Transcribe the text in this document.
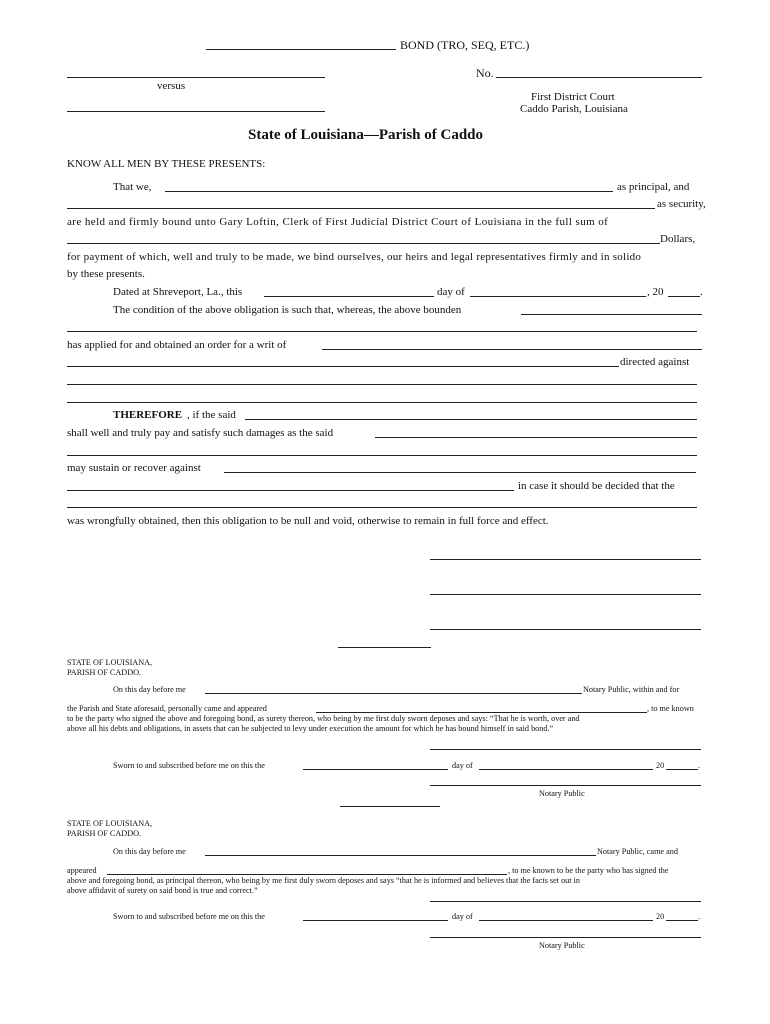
BOND (TRO, SEQ, ETC.)
No.
versus
First District Court
Caddo Parish, Louisiana
State of Louisiana—Parish of Caddo
KNOW ALL MEN BY THESE PRESENTS:
That we,	as principal, and
as security,
are held and firmly bound unto Gary Loftin, Clerk of First Judicial District Court of Louisiana in the full sum of
Dollars,
for payment of which, well and truly to be made, we bind ourselves, our heirs and legal representatives firmly and in solido
by these presents.
Dated at Shreveport, La., this	day of	, 20	.
The condition of the above obligation is such that, whereas, the above bounden
has applied for and obtained an order for a writ of
directed against
THEREFORE , if the said
shall well and truly pay and satisfy such damages as the said
may sustain or recover against
in case it should be decided that the
was wrongfully obtained, then this obligation to be null and void, otherwise to remain in full force and effect.
STATE OF LOUISIANA,
PARISH OF CADDO.
On this day before me	Notary Public, within and for
the Parish and State aforesaid, personally came and appeared	, to me known
to be the party who signed the above and foregoing bond, as surety thereon, who being by me first duly sworn deposes and says: “That he is worth, over and
above all his debts and obligations, in assets that can be subjected to levy under execution the amount for which he has bound himself in said bond.”
Sworn to and subscribed before me on this the	day of	20	.
Notary Public
STATE OF LOUISIANA,
PARISH OF CADDO.
On this day before me	Notary Public, came and
appeared	, to me known to be the party who has signed the
above and foregoing bond, as principal thereon, who being by me first duly sworn deposes and says “that he is informed and believes that the facts set out in
above affidavit of surety on said bond is true and correct.”
Sworn to and subscribed before me on this the	day of	20	.
Notary Public
